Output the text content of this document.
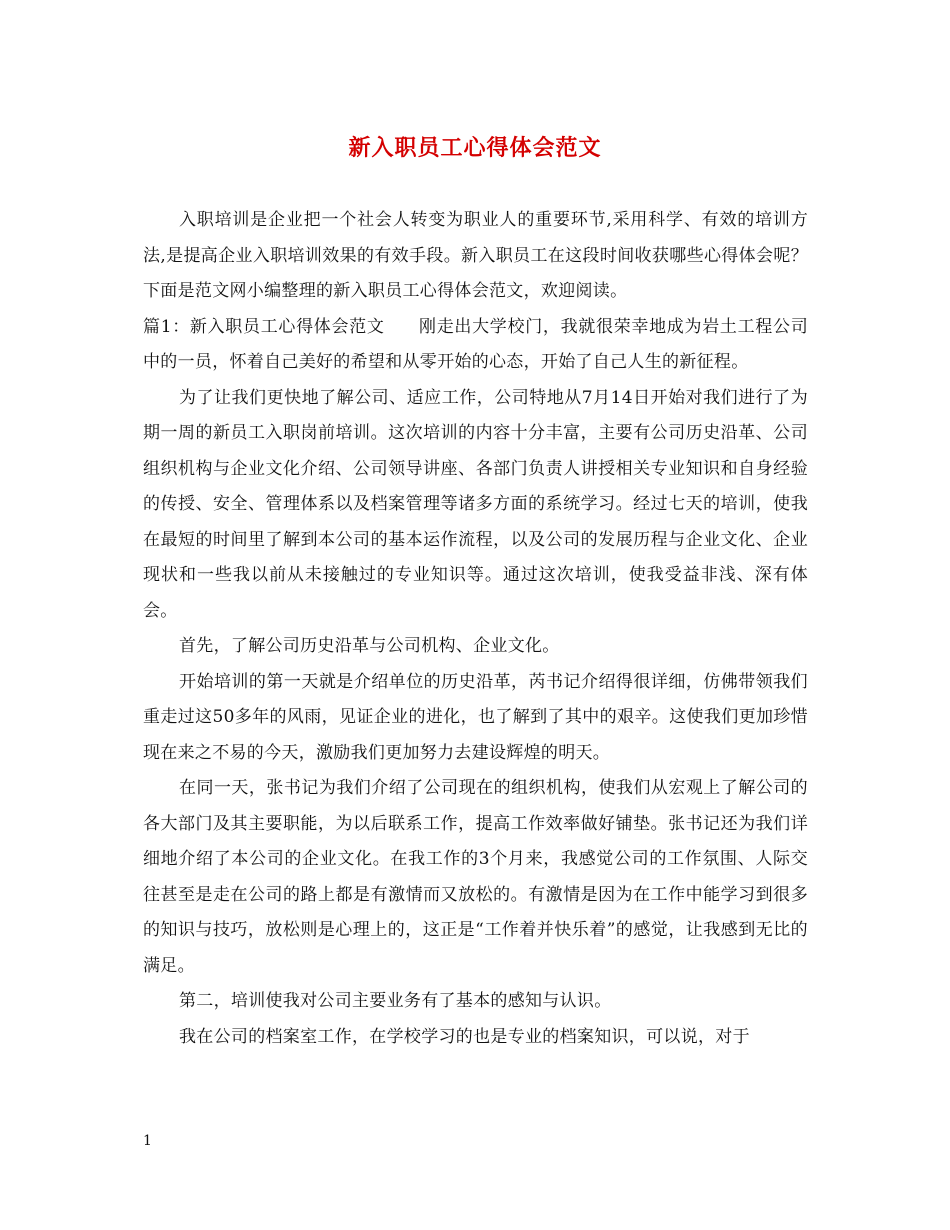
新入职员工心得体会范文

入职培训是企业把一个社会人转变为职业人的重要环节,采用科学、有效的培训方法,是提高企业入职培训效果的有效手段。新入职员工在这段时间收获哪些心得体会呢？下面是范文网小编整理的新入职员工心得体会范文，欢迎阅读。

篇1：新入职员工心得体会范文 刚走出大学校门，我就很荣幸地成为岩土工程公司中的一员，怀着自己美好的希望和从零开始的心态，开始了自己人生的新征程。

为了让我们更快地了解公司、适应工作，公司特地从7月14日开始对我们进行了为期一周的新员工入职岗前培训。这次培训的内容十分丰富，主要有公司历史沿革、公司组织机构与企业文化介绍、公司领导讲座、各部门负责人讲授相关专业知识和自身经验的传授、安全、管理体系以及档案管理等诸多方面的系统学习。经过七天的培训，使我在最短的时间里了解到本公司的基本运作流程，以及公司的发展历程与企业文化、企业现状和一些我以前从未接触过的专业知识等。通过这次培训，使我受益非浅、深有体会。

首先，了解公司历史沿革与公司机构、企业文化。

开始培训的第一天就是介绍单位的历史沿革，芮书记介绍得很详细，仿佛带领我们重走过这50多年的风雨，见证企业的进化，也了解到了其中的艰辛。这使我们更加珍惜现在来之不易的今天，激励我们更加努力去建设辉煌的明天。

在同一天，张书记为我们介绍了公司现在的组织机构，使我们从宏观上了解公司的各大部门及其主要职能，为以后联系工作，提高工作效率做好铺垫。张书记还为我们详细地介绍了本公司的企业文化。在我工作的3个月来，我感觉公司的工作氛围、人际交往甚至是走在公司的路上都是有激情而又放松的。有激情是因为在工作中能学习到很多的知识与技巧，放松则是心理上的，这正是“工作着并快乐着”的感觉，让我感到无比的满足。

第二，培训使我对公司主要业务有了基本的感知与认识。

我在公司的档案室工作，在学校学习的也是专业的档案知识，可以说，对于

1
